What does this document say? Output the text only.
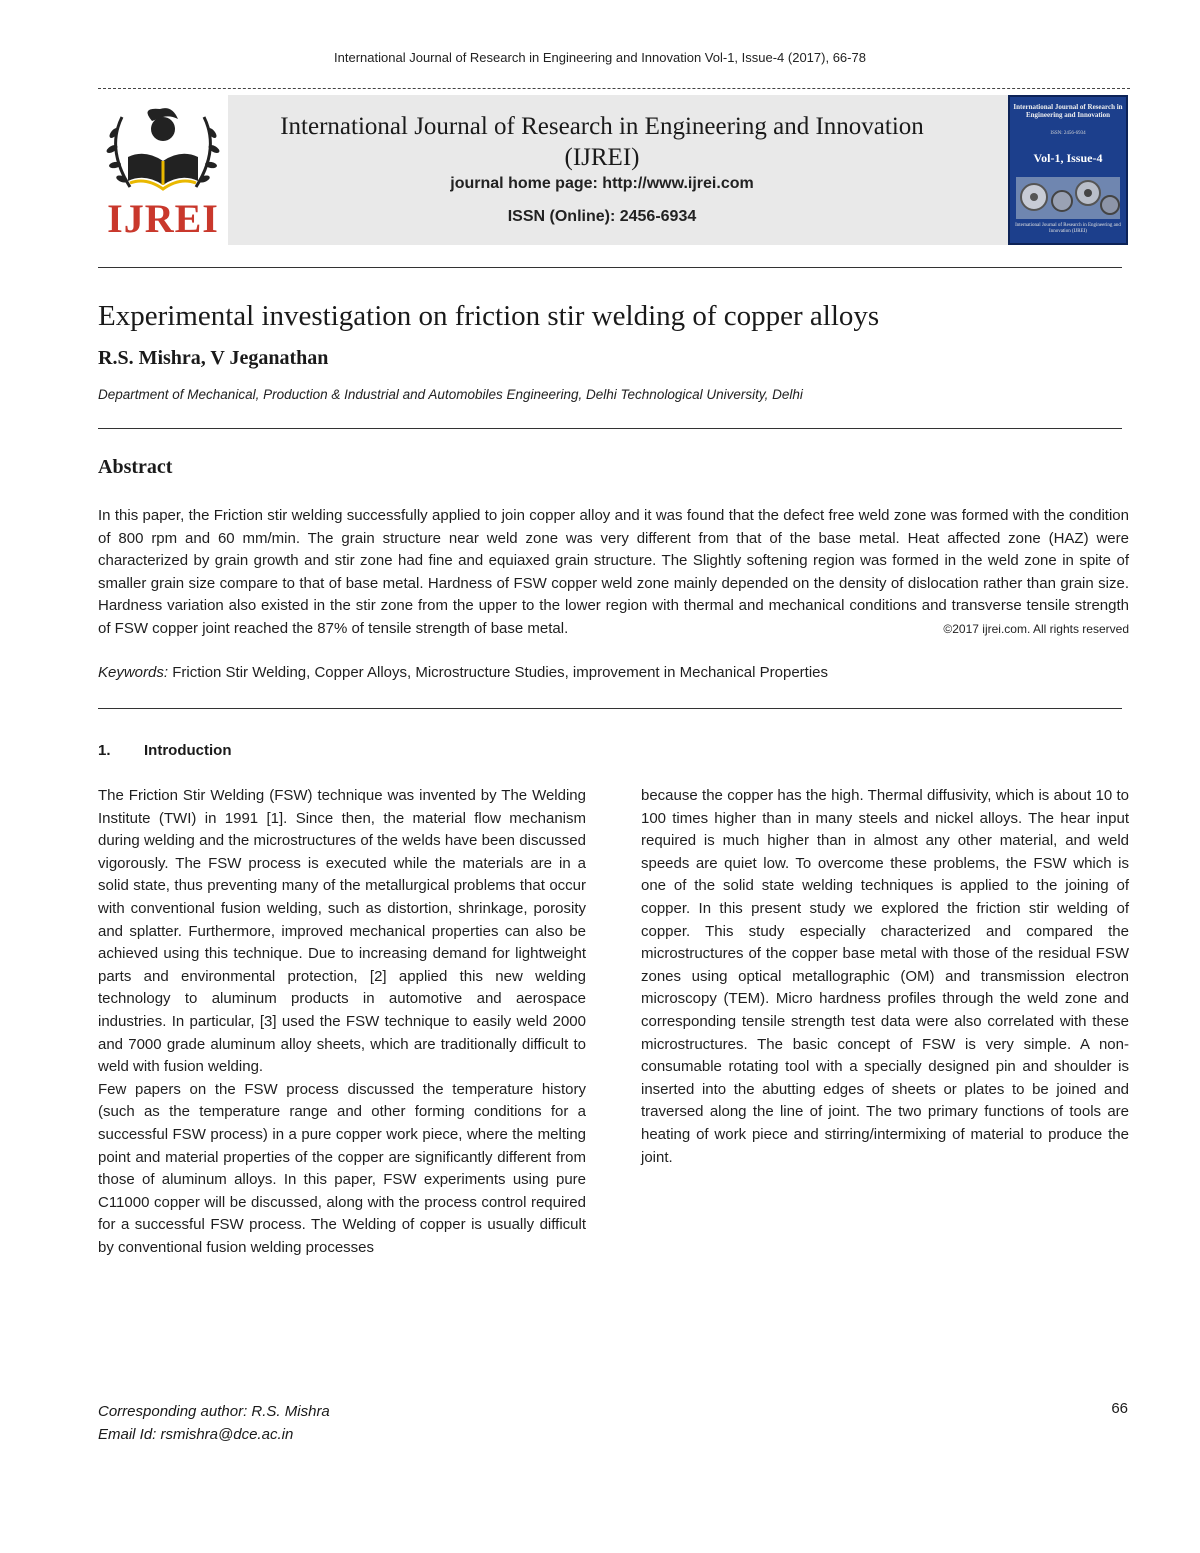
International Journal of Research in Engineering and Innovation Vol-1, Issue-4 (2017), 66-78
IJREI
International Journal of Research in Engineering and Innovation
(IJREI)
journal home page: http://www.ijrei.com
ISSN (Online): 2456-6934
International Journal of Research in Engineering and Innovation
ISSN: 2456-6934
Vol-1, Issue-4
International Journal of Research in Engineering and Innovation (IJREI)
Experimental investigation on friction stir welding of copper alloys
R.S. Mishra, V Jeganathan
Department of Mechanical, Production & Industrial and Automobiles Engineering, Delhi Technological University, Delhi
Abstract
In this paper, the Friction stir welding successfully applied to join copper alloy and it was found that the defect free weld zone was formed with the condition of 800 rpm and 60 mm/min. The grain structure near weld zone was very different from that of the base metal. Heat affected zone (HAZ) were characterized by grain growth and stir zone had fine and equiaxed grain structure. The Slightly softening region was formed in the weld zone in spite of smaller grain size compare to that of base metal. Hardness of FSW copper weld zone mainly depended on the density of dislocation rather than grain size. Hardness variation also existed in the stir zone from the upper to the lower region with thermal and mechanical conditions and transverse tensile strength of FSW copper joint reached the 87% of tensile strength of base metal.	©2017 ijrei.com. All rights reserved
Keywords: Friction Stir Welding, Copper Alloys, Microstructure Studies, improvement in Mechanical Properties
1. Introduction

The Friction Stir Welding (FSW) technique was invented by The Welding Institute (TWI) in 1991 [1]. Since then, the material flow mechanism during welding and the microstructures of the welds have been discussed vigorously. The FSW process is executed while the materials are in a solid state, thus preventing many of the metallurgical problems that occur with conventional fusion welding, such as distortion, shrinkage, porosity and splatter. Furthermore, improved mechanical properties can also be achieved using this technique. Due to increasing demand for lightweight parts and environmental protection, [2] applied this new welding technology to aluminum products in automotive and aerospace industries. In particular, [3] used the FSW technique to easily weld 2000 and 7000 grade aluminum alloy sheets, which are traditionally difficult to weld with fusion welding.

Few papers on the FSW process discussed the temperature history (such as the temperature range and other forming conditions for a successful FSW process) in a pure copper work piece, where the melting point and material properties of the copper are significantly different from those of aluminum alloys. In this paper, FSW experiments using pure C11000 copper will be discussed, along with the process control required for a successful FSW process. The Welding of copper is usually difficult by conventional fusion welding processes

because the copper has the high. Thermal diffusivity, which is about 10 to 100 times higher than in many steels and nickel alloys. The hear input required is much higher than in almost any other material, and weld speeds are quiet low. To overcome these problems, the FSW which is one of the solid state welding techniques is applied to the joining of copper. In this present study we explored the friction stir welding of copper. This study especially characterized and compared the microstructures of the copper base metal with those of the residual FSW zones using optical metallographic (OM) and transmission electron microscopy (TEM). Micro hardness profiles through the weld zone and corresponding tensile strength test data were also correlated with these microstructures. The basic concept of FSW is very simple. A non-consumable rotating tool with a specially designed pin and shoulder is inserted into the abutting edges of sheets or plates to be joined and traversed along the line of joint. The two primary functions of tools are heating of work piece and stirring/intermixing of material to produce the joint.

Corresponding author: R.S. Mishra
Email Id: rsmishra@dce.ac.in
66
